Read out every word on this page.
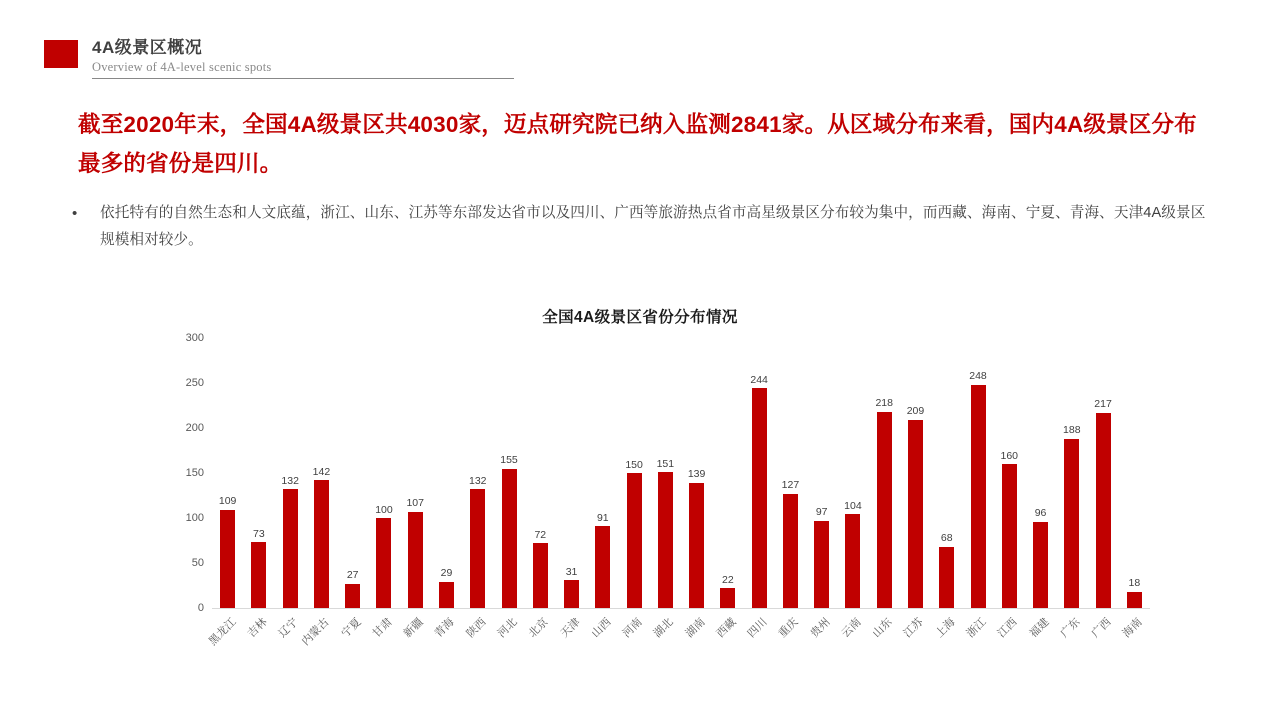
4A级景区概况
Overview of 4A-level scenic spots
截至2020年末，全国4A级景区共4030家，迈点研究院已纳入监测2841家。从区域分布来看，国内4A级景区分布最多的省份是四川。
•	依托特有的自然生态和人文底蕴，浙江、山东、江苏等东部发达省市以及四川、广西等旅游热点省市高星级景区分布较为集中，而西藏、海南、宁夏、青海、天津4A级景区规模相对较少。
全国4A级景区省份分布情况
0
50
100
150
200
250
300
109
73
132
142
27
100
107
29
132
155
72
31
91
150 151
139
22
244
127
97
104
218
209
68
248
160
96
188
217
18
黑龙江 吉林 辽宁 内蒙古 宁夏 甘肃 新疆 青海 陕西 河北 北京 天津 山西 河南 湖北 湖南 西藏 四川 重庆 贵州 云南 山东 江苏 上海 浙江 江西 福建 广东 广西 海南
